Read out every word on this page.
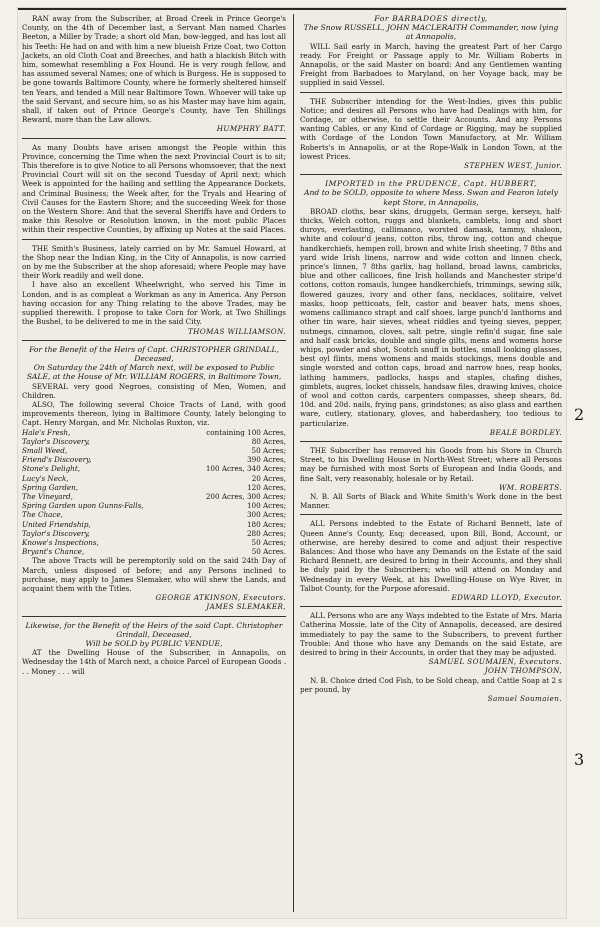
RAN away from the Subscriber, at Broad Creek in Prince George's County, on the 4th of December last, a Servant Man named Charles Beeton, a Miller by Trade; a short old Man, bow-legged, and has lost all his Teeth: He had on and with him a new blueish Frize Coat, two Cotton Jackets, an old Cloth Coat and Breeches, and hath a blackish Bitch with him, somewhat resembling a Fox Hound. He is very rough fellow, and has assumed several Names; one of which is Burgess. He is supposed to be gone towards Baltimore County, where he formerly sheltered himself ten Years, and tended a Mill near Baltimore Town. Whoever will take up the said Servant, and secure him, so as his Master may have him again, shall, if taken out of Prince George's County, have Ten Shillings Reward, more than the Law allows.
HUMPHRY BATT.
As many Doubts have arisen amongst the People within this Province, concerning the Time when the next Provincial Court is to sit; This therefore is to give Notice to all Persons whomsoever, that the next Provincial Court will sit on the second Tuesday of April next; which Week is appointed for the hailing and settling the Appearance Dockets, and Criminal Business; the Week after, for the Tryals and Hearing of Civil Causes for the Eastern Shore; and the succeeding Week for those on the Western Shore: And that the several Sheriffs have and Orders to make this Resolve or Resolution known, in the most public Places within their respective Counties, by affixing up Notes at the said Places.
THE Smith's Business, lately carried on by Mr. Samuel Howard, at the Shop near the Indian King, in the City of Annapolis, is now carried on by me the Subscriber at the shop aforesaid; where People may have their Work readily and well done.
I have also an excellent Wheelwright, who served his Time in London, and is as compleat a Workman as any in America. Any Person having occasion for any Thing relating to the above Trades, may be supplied therewith. I propose to take Corn for Work, at Two Shillings the Bushel, to be delivered to me in the said City.
THOMAS WILLIAMSON.
For the Benefit of the Heirs of Capt. CHRISTOPHER GRINDALL, Deceased,
On Saturday the 24th of March next, will be exposed to Public SALE, at the House of Mr. WILLIAM ROGERS, in Baltimore Town,
SEVERAL very good Negroes, consisting of Men, Women, and Children.
ALSO, The following several Choice Tracts of Land, with good improvements thereon, lying in Baltimore County, lately belonging to Capt. Henry Morgan, and Mr. Nicholas Ruxton, viz.
Hale's Fresh,	containing 100 Acres,
Taylor's Discovery,	80 Acres,
Small Weed,	50 Acres;
Friend's Discovery,	390 Acres,
Stone's Delight,	100 Acres, 340 Acres;
Lucy's Neck,	20 Acres,
Spring Garden,	120 Acres,
The Vineyard,	200 Acres, 300 Acres;
Spring Garden upon Gunns-Falls,	100 Acres;
The Chace,	300 Acres;
United Friendship,	180 Acres;
Taylor's Discovery,	280 Acres;
Knowe's Inspections,	50 Acres;
Bryant's Chance,	50 Acres.
The above Tracts will be peremptorily sold on the said 24th Day of March, unless disposed of before; and any Persons inclined to purchase, may apply to James Slemaker, who will shew the Lands, and acquaint them with the Titles.
GEORGE ATKINSON, Executors.
JAMES SLEMAKER,
Likewise, for the Benefit of the Heirs of the said Capt. Christopher Grindall, Deceased,
Will be SOLD by PUBLIC VENDUE,
AT the Dwelling House of the Subscriber, in Annapolis, on Wednesday the 14th of March next, a choice Parcel of European Goods . . . Money . . . will
For BARBADOES directly,
The Snow RUSSELL, JOHN MACLERAITH Commander, now lying at Annapolis,
WILL Sail early in March, having the greatest Part of her Cargo ready. For Freight or Passage apply to Mr. William Roberts in Annapolis, or the said Master on board: And any Gentlemen wanting Freight from Barbadoes to Maryland, on her Voyage back, may be supplied in said Vessel.
THE Subscriber intending for the West-Indies, gives this public Notice; and desires all Persons who have had Dealings with him, for Cordage, or otherwise, to settle their Accounts. And any Persons wanting Cables, or any Kind of Cordage or Rigging, may be supplied with Cordage of the London Town Manufactory, at Mr. William Roberts's in Annapolis, or at the Rope-Walk in London Town, at the lowest Prices.
STEPHEN WEST, Junior.
IMPORTED in the PRUDENCE, Capt. HUBBERT,
And to be SOLD, opposite to where Mess. Swan and Fearon lately kept Store, in Annapolis,
BROAD cloths, bear skins, druggets, German serge, kerseys, half-thicks, Welch cotton, ruggs and blankets, camblets, long and short duroys, everlasting, callimanco, worsted damask, tammy, shaloon, white and colour'd jeans, cotton ribs, throw ing, cotton and cheque handkerchiefs, hempen roll, brown and white Irish sheeting, 7 8ths and yard wide Irish linens, narrow and wide cotton and linnen check, prince's linnen, 7 8ths garlix, hag holland, broad lawns, cambricks, blue and other callicoes, fine Irish hollands and Manchester stripe'd cottons, cotton romauls, lungee handkerchiefs, trimmings, sewing silk, flowered gauzes, ivory and other fans, necklaces, solitaire, velvet masks, hoop petticoats, felt, castor and beaver hats, mens shoes, womens callimanco strapt and calf shoes, large punch'd lanthorns and other tin ware, hair sieves, wheat riddles and tyeing sieves, pepper, nutmegs, cinnamon, cloves, salt petre, single refin'd sugar, fine sale and half cask bricks, double and single gilts, mens and womens horse whips, powder and shot, Scotch snuff in bottles, small looking glasses, best oyl flints, mens womens and maids stockings, mens double and single worsted and cotton caps, broad and narrow hoes, reap hooks, lathing hammers, padlocks, hasps and staples, chafing dishes, gimblets, augres, locket chissels, handsaw files, drawing knives, choice of wool and cotton cards, carpenters compasses, sheep shears, 8d. 10d. and 20d. nails, frying pans, grindstones; as also glass and earthen ware, cutlery, stationary, gloves, and haberdashery, too tedious to particularize.
BEALE BORDLEY.
THE Subscriber has removed his Goods from his Store in Church Street, to his Dwelling House in North-West Street; where all Persons may be furnished with most Sorts of European and India Goods, and fine Salt, very reasonably, holesale or by Retail.
WM. ROBERTS.
N. B. All Sorts of Black and White Smith's Work done in the best Manner.
ALL Persons indebted to the Estate of Richard Bennett, late of Queen Anne's County, Esq; deceased, upon Bill, Bond, Account, or otherwise, are hereby desired to come and adjust their respective Balances: And those who have any Demands on the Estate of the said Richard Bennett, are desired to bring in their Accounts, and they shall be duly paid by the Subscribers; who will attend on Monday and Wednesday in every Week, at his Dwelling-House on Wye River, in Talbot County, for the Purpose aforesaid.
EDWARD LLOYD, Executor.
ALL Persons who are any Ways indebted to the Estate of Mrs. Maria Catherina Mossie, late of the City of Annapolis, deceased, are desired immediately to pay the same to the Subscribers, to prevent further Trouble: And those who have any Demands on the said Estate, are desired to bring in their Accounts, in order that they may be adjusted.
SAMUEL SOUMAIEN, Executors.
JOHN THOMPSON,
N. B. Choice dried Cod Fish, to be Sold cheap, and Cattle Soap at 2 s per pound, by
Samuel Soumaien.
2
3
